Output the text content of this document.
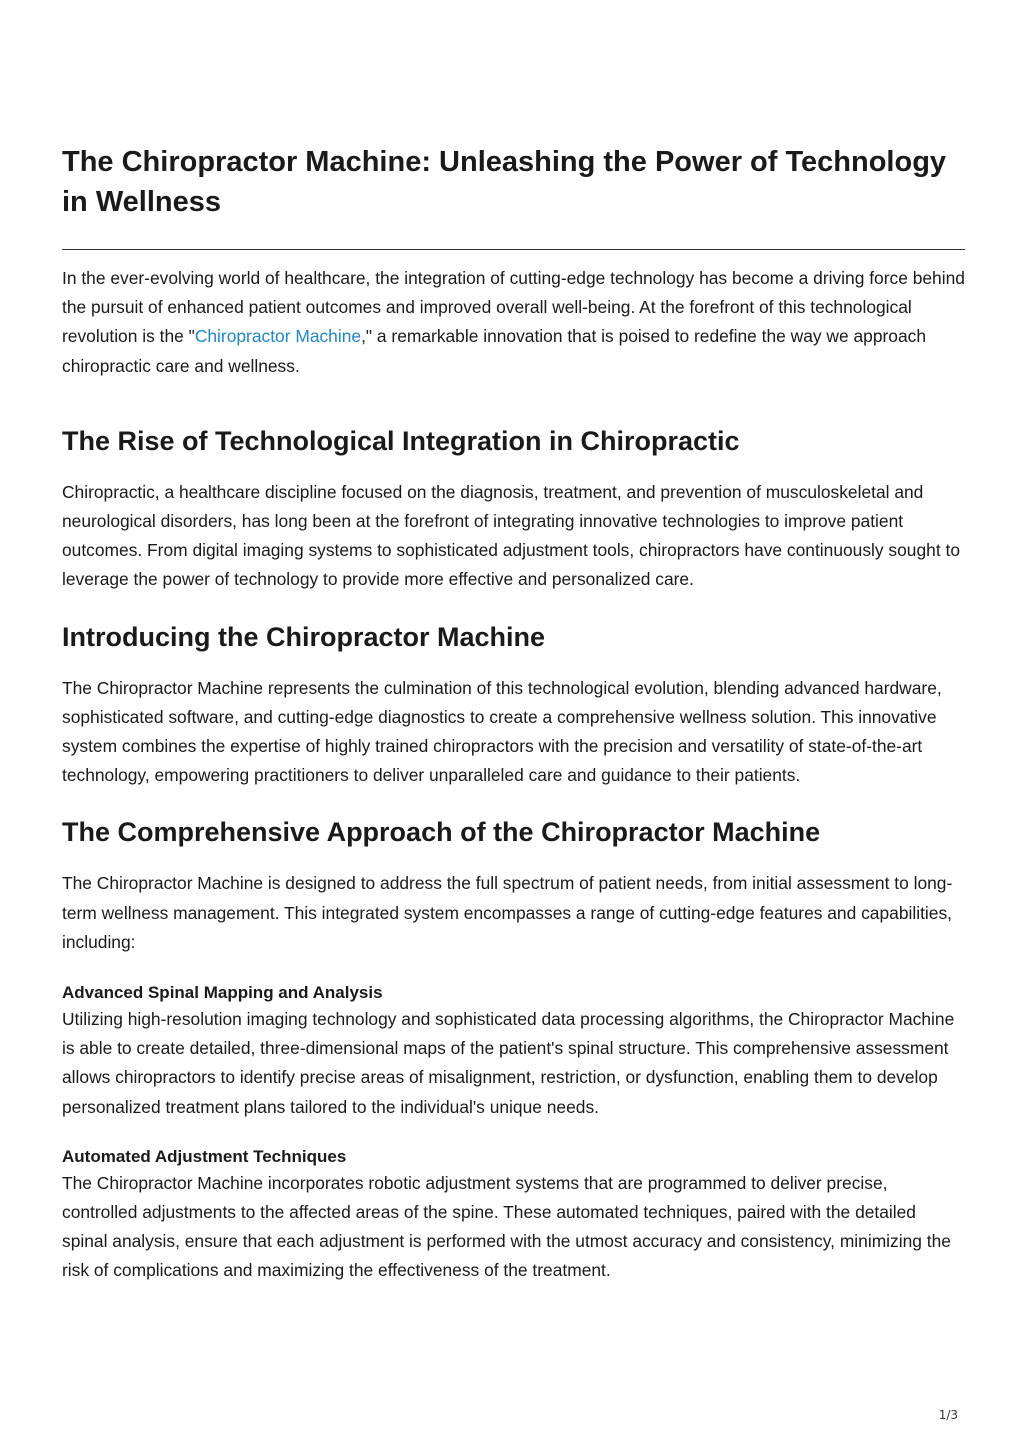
The Chiropractor Machine: Unleashing the Power of Technology in Wellness

In the ever-evolving world of healthcare, the integration of cutting-edge technology has become a driving force behind the pursuit of enhanced patient outcomes and improved overall well-being. At the forefront of this technological revolution is the "Chiropractor Machine," a remarkable innovation that is poised to redefine the way we approach chiropractic care and wellness.

The Rise of Technological Integration in Chiropractic

Chiropractic, a healthcare discipline focused on the diagnosis, treatment, and prevention of musculoskeletal and neurological disorders, has long been at the forefront of integrating innovative technologies to improve patient outcomes. From digital imaging systems to sophisticated adjustment tools, chiropractors have continuously sought to leverage the power of technology to provide more effective and personalized care.

Introducing the Chiropractor Machine

The Chiropractor Machine represents the culmination of this technological evolution, blending advanced hardware, sophisticated software, and cutting-edge diagnostics to create a comprehensive wellness solution. This innovative system combines the expertise of highly trained chiropractors with the precision and versatility of state-of-the-art technology, empowering practitioners to deliver unparalleled care and guidance to their patients.

The Comprehensive Approach of the Chiropractor Machine

The Chiropractor Machine is designed to address the full spectrum of patient needs, from initial assessment to long-term wellness management. This integrated system encompasses a range of cutting-edge features and capabilities, including:

Advanced Spinal Mapping and Analysis

Utilizing high-resolution imaging technology and sophisticated data processing algorithms, the Chiropractor Machine is able to create detailed, three-dimensional maps of the patient's spinal structure. This comprehensive assessment allows chiropractors to identify precise areas of misalignment, restriction, or dysfunction, enabling them to develop personalized treatment plans tailored to the individual's unique needs.

Automated Adjustment Techniques

The Chiropractor Machine incorporates robotic adjustment systems that are programmed to deliver precise, controlled adjustments to the affected areas of the spine. These automated techniques, paired with the detailed spinal analysis, ensure that each adjustment is performed with the utmost accuracy and consistency, minimizing the risk of complications and maximizing the effectiveness of the treatment.

1/3
